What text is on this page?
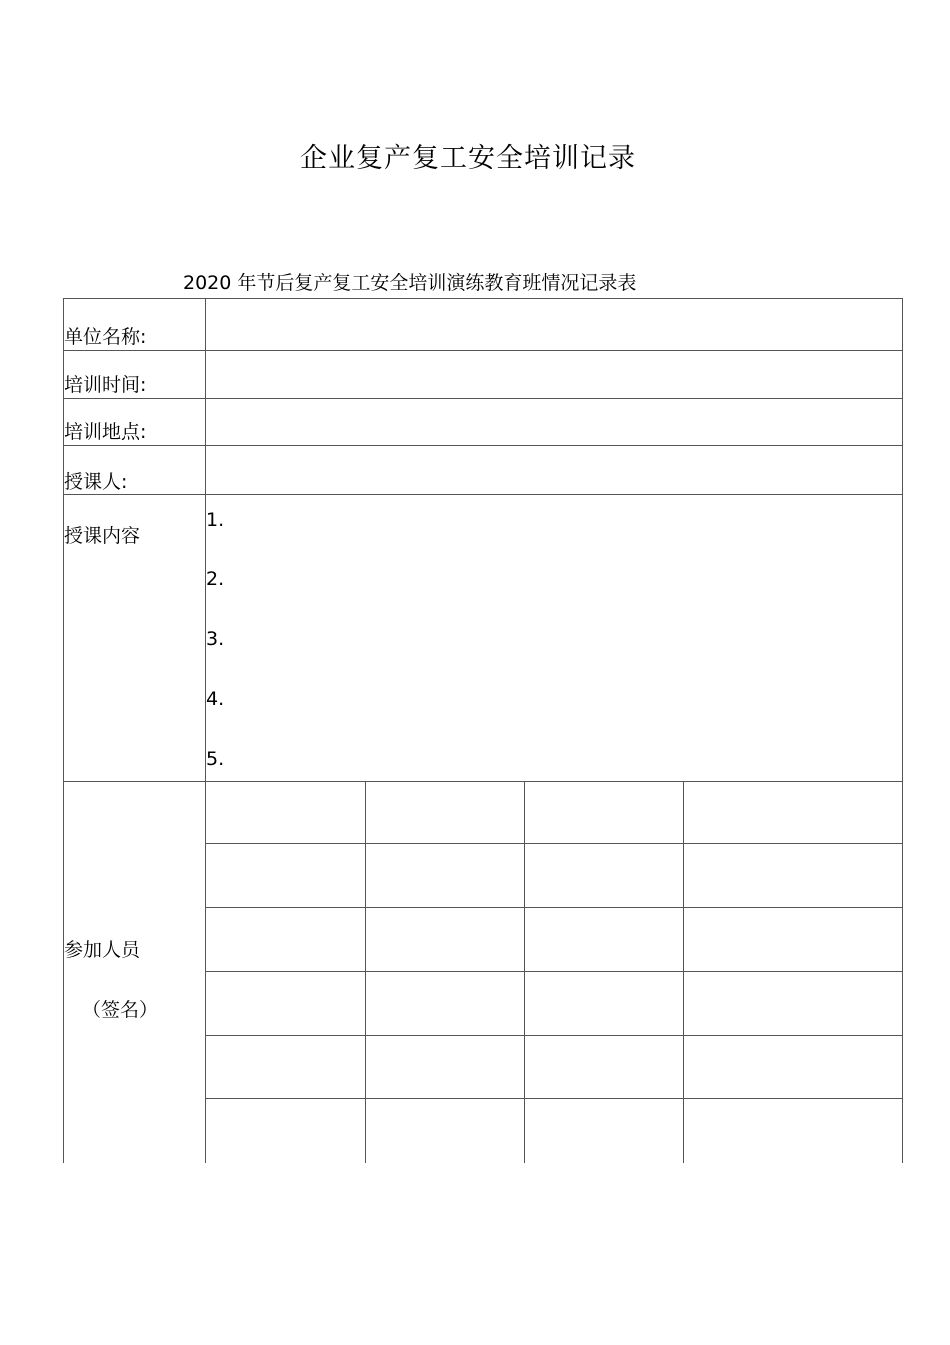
企业复产复工安全培训记录
2020 年节后复产复工安全培训演练教育班情况记录表
单位名称:
培训时间:
培训地点:
授课人:
授课内容
参加人员
（签名）
1.
2.
3.
4.
5.
